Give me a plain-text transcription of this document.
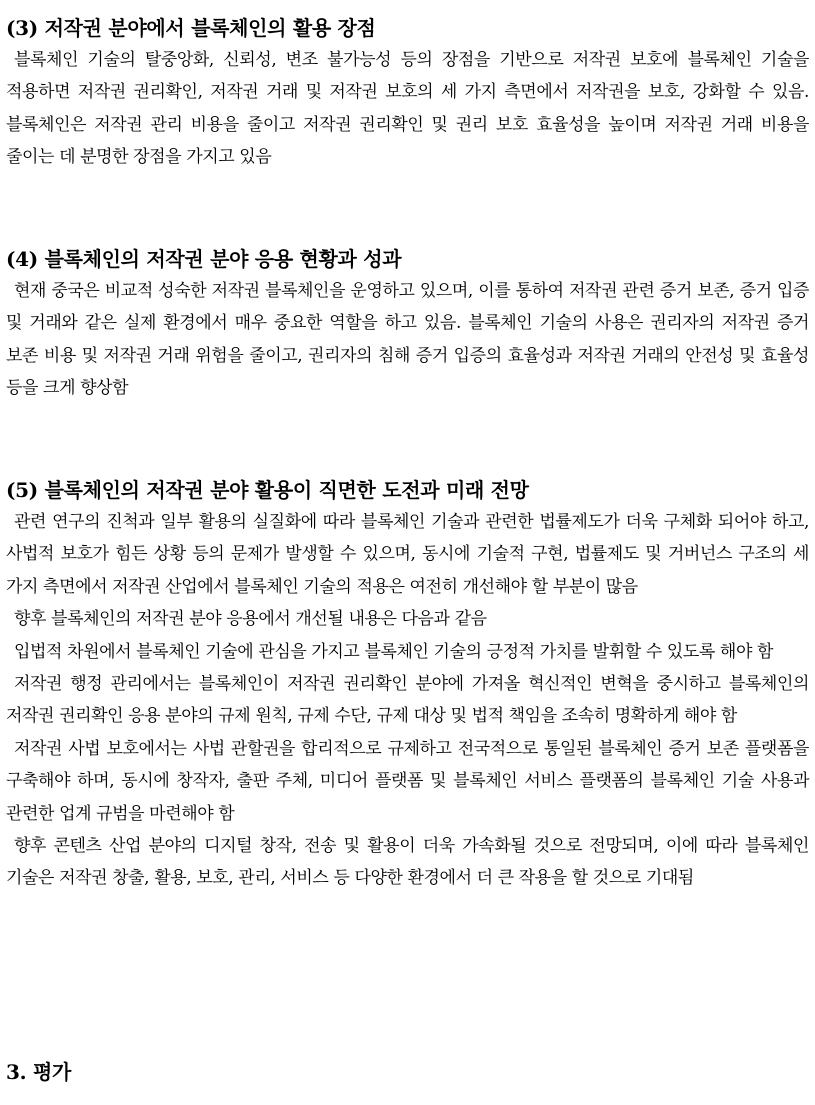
(3) 저작권 분야에서 블록체인의 활용 장점

블록체인 기술의 탈중앙화, 신뢰성, 변조 불가능성 등의 장점을 기반으로 저작권 보호에 블록체인 기술을 적용하면 저작권 권리확인, 저작권 거래 및 저작권 보호의 세 가지 측면에서 저작권을 보호, 강화할 수 있음. 블록체인은 저작권 관리 비용을 줄이고 저작권 권리확인 및 권리 보호 효율성을 높이며 저작권 거래 비용을 줄이는 데 분명한 장점을 가지고 있음

(4) 블록체인의 저작권 분야 응용 현황과 성과

현재 중국은 비교적 성숙한 저작권 블록체인을 운영하고 있으며, 이를 통하여 저작권 관련 증거 보존, 증거 입증 및 거래와 같은 실제 환경에서 매우 중요한 역할을 하고 있음. 블록체인 기술의 사용은 권리자의 저작권 증거 보존 비용 및 저작권 거래 위험을 줄이고, 권리자의 침해 증거 입증의 효율성과 저작권 거래의 안전성 및 효율성 등을 크게 향상함

(5) 블록체인의 저작권 분야 활용이 직면한 도전과 미래 전망

관련 연구의 진척과 일부 활용의 실질화에 따라 블록체인 기술과 관련한 법률제도가 더욱 구체화 되어야 하고, 사법적 보호가 힘든 상황 등의 문제가 발생할 수 있으며, 동시에 기술적 구현, 법률제도 및 거버넌스 구조의 세 가지 측면에서 저작권 산업에서 블록체인 기술의 적용은 여전히 개선해야 할 부분이 많음

향후 블록체인의 저작권 분야 응용에서 개선될 내용은 다음과 같음

입법적 차원에서 블록체인 기술에 관심을 가지고 블록체인 기술의 긍정적 가치를 발휘할 수 있도록 해야 함

저작권 행정 관리에서는 블록체인이 저작권 권리확인 분야에 가져올 혁신적인 변혁을 중시하고 블록체인의 저작권 권리확인 응용 분야의 규제 원칙, 규제 수단, 규제 대상 및 법적 책임을 조속히 명확하게 해야 함

저작권 사법 보호에서는 사법 관할권을 합리적으로 규제하고 전국적으로 통일된 블록체인 증거 보존 플랫폼을 구축해야 하며, 동시에 창작자, 출판 주체, 미디어 플랫폼 및 블록체인 서비스 플랫폼의 블록체인 기술 사용과 관련한 업계 규범을 마련해야 함

향후 콘텐츠 산업 분야의 디지털 창작, 전송 및 활용이 더욱 가속화될 것으로 전망되며, 이에 따라 블록체인 기술은 저작권 창출, 활용, 보호, 관리, 서비스 등 다양한 환경에서 더 큰 작용을 할 것으로 기대됨

3. 평가
